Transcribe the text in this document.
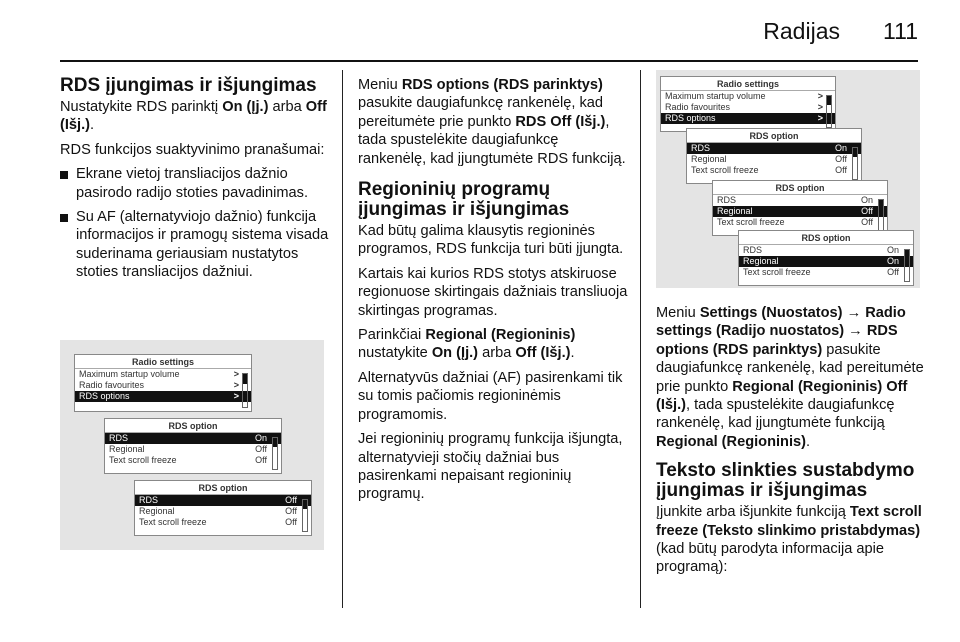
Radijas 111
RDS įjungimas ir išjungimas

Nustatykite RDS parinktį On (Įj.) arba Off (Išj.).

RDS funkcijos suaktyvinimo pranašumai:

Ekrane vietoj transliacijos dažnio pasirodo radijo stoties pavadinimas.
Su AF (alternatyviojo dažnio) funkcija informacijos ir pramogų sistema visada suderinama geriausiam nustatytos stoties transliacijos dažniui.
Radio settings
Maximum startup volume	>
Radio favourites	>
RDS options	>
RDS option
RDS	On
Regional	Off
Text scroll freeze	Off
RDS option
RDS	Off
Regional	Off
Text scroll freeze	Off

Meniu RDS options (RDS parinktys) pasukite daugiafunkcę rankenėlę, kad pereitumėte prie punkto RDS Off (Išj.), tada spustelėkite daugiafunkcę rankenėlę, kad įjungtumėte RDS funkciją.

Regioninių programų įjungimas ir išjungimas

Kad būtų galima klausytis regioninės programos, RDS funkcija turi būti įjungta.

Kartais kai kurios RDS stotys atskiruose regionuose skirtingais dažniais transliuoja skirtingas programas.

Parinkčiai Regional (Regioninis) nustatykite On (Įj.) arba Off (Išj.).

Alternatyvūs dažniai (AF) pasirenkami tik su tomis pačiomis regioninėmis programomis.

Jei regioninių programų funkcija išjungta, alternatyvieji stočių dažniai bus pasirenkami nepaisant regioninių programų.

Radio settings
Maximum startup volume	>
Radio favourites	>
RDS options	>
RDS option
RDS	On
Regional	Off
Text scroll freeze	Off
RDS option
RDS	On
Regional	Off
Text scroll freeze	Off
RDS option
RDS	On
Regional	On
Text scroll freeze	Off

Meniu Settings (Nuostatos) → Radio settings (Radijo nuostatos) → RDS options (RDS parinktys) pasukite daugiafunkcę rankenėlę, kad pereitumėte prie punkto Regional (Regioninis) Off (Išj.), tada spustelėkite daugiafunkcę rankenėlę, kad įjungtumėte funkciją Regional (Regioninis).

Teksto slinkties sustabdymo įjungimas ir išjungimas

Įjunkite arba išjunkite funkciją Text scroll freeze (Teksto slinkimo pristabdymas) (kad būtų parodyta informacija apie programą):
